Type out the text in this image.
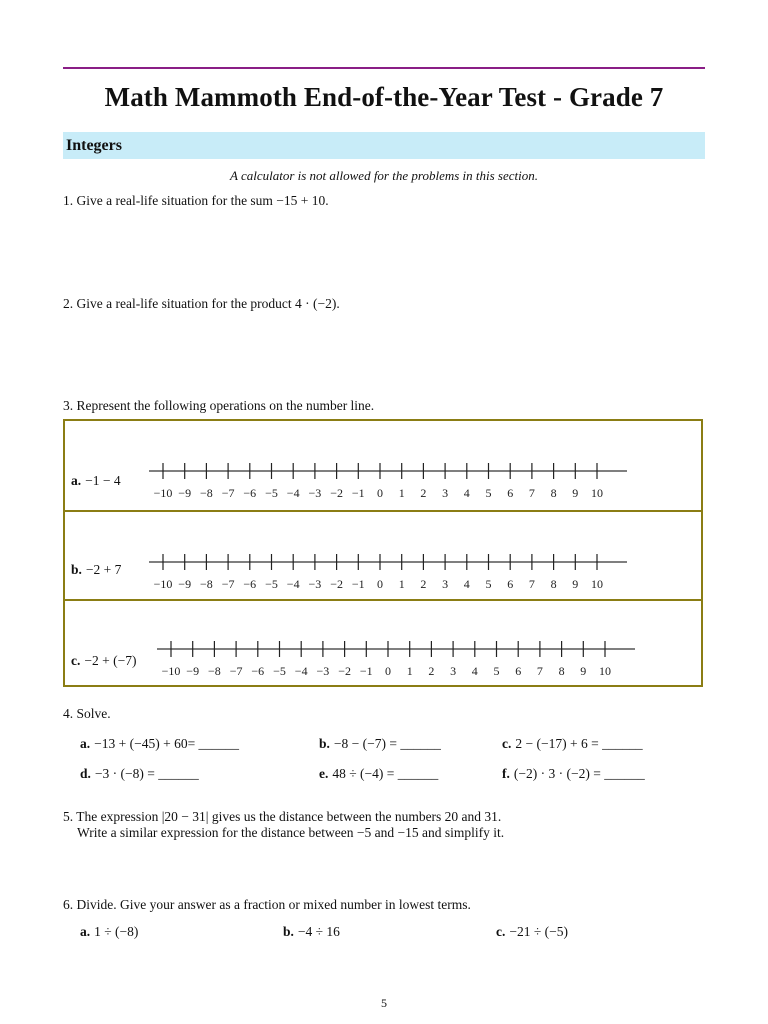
Math Mammoth End-of-the-Year Test - Grade 7
Integers
A calculator is not allowed for the problems in this section.
1. Give a real-life situation for the sum −15 + 10.
2. Give a real-life situation for the product 4 · (−2).
3. Represent the following operations on the number line.
a. −1 − 4
−10 −9 −8 −7 −6 −5 −4 −3 −2 −1 0 1 2 3 4 5 6 7 8 9 10
b. −2 + 7
−10 −9 −8 −7 −6 −5 −4 −3 −2 −1 0 1 2 3 4 5 6 7 8 9 10
c. −2 + (−7)
−10 −9 −8 −7 −6 −5 −4 −3 −2 −1 0 1 2 3 4 5 6 7 8 9 10
4. Solve.
a. −13 + (−45) + 60= ______	b. −8 − (−7) = ______	c. 2 − (−17) + 6 = ______
d. −3 · (−8) = ______	e. 48 ÷ (−4) = ______	f. (−2) · 3 · (−2) = ______
5. The expression |20 − 31| gives us the distance between the numbers 20 and 31.
Write a similar expression for the distance between −5 and −15 and simplify it.
6. Divide. Give your answer as a fraction or mixed number in lowest terms.
a. 1 ÷ (−8)	b. −4 ÷ 16	c. −21 ÷ (−5)
5
